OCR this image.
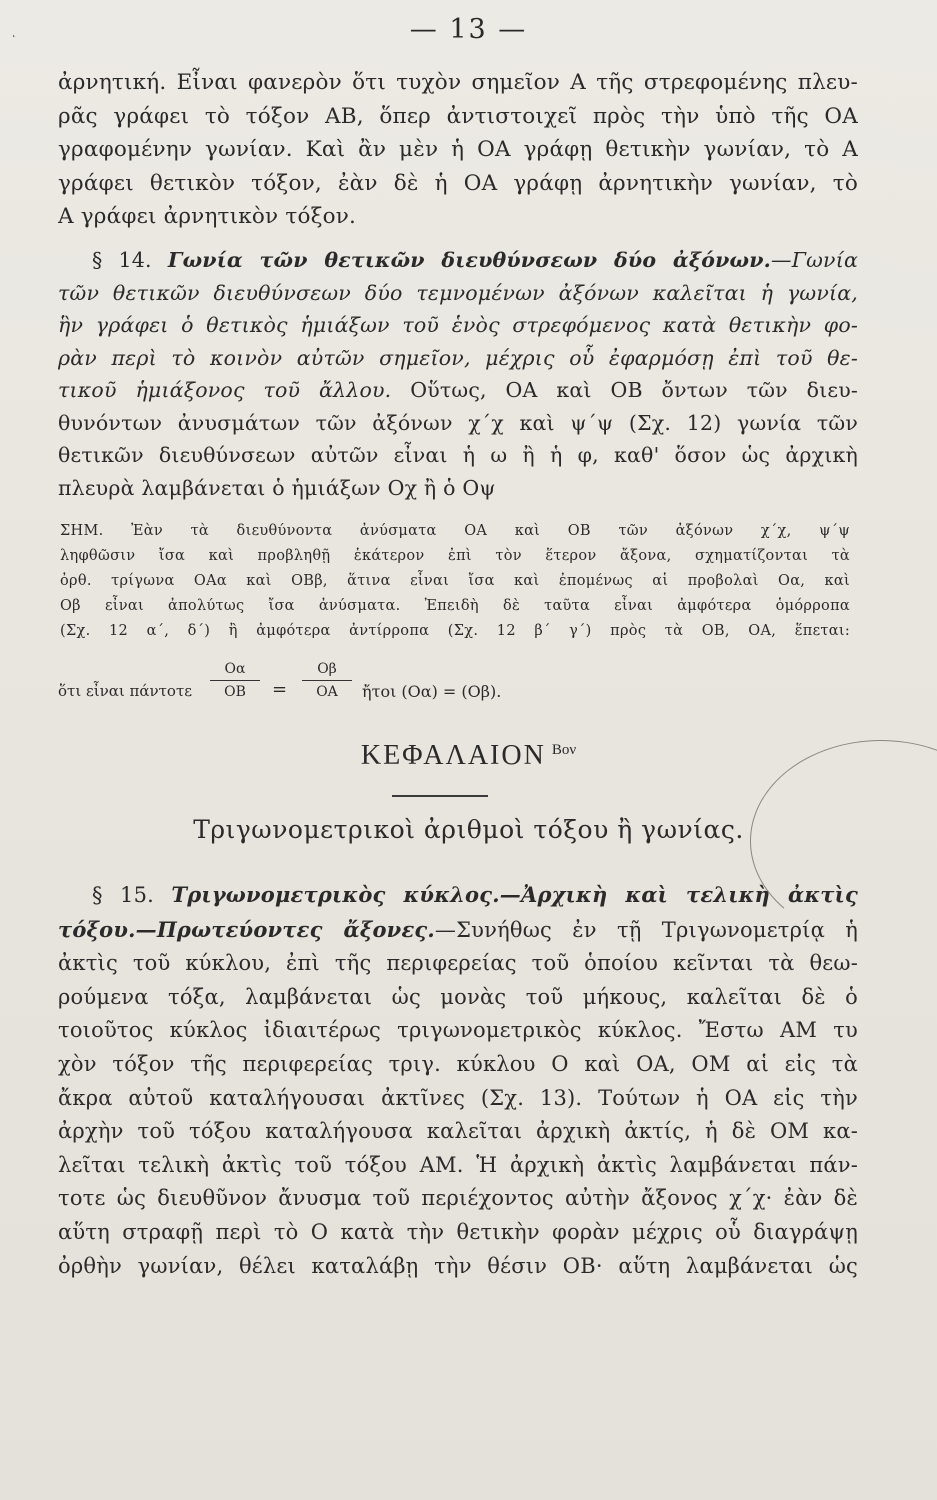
— 13 —
ἀρνητική. Εἶναι φανερὸν ὅτι τυχὸν σημεῖον Α τῆς στρεφομένης πλευ-
ρᾶς γράφει τὸ τόξον ΑΒ, ὅπερ ἀντιστοιχεῖ πρὸς τὴν ὑπὸ τῆς ΟΑ
γραφομένην γωνίαν. Καὶ ἂν μὲν ἡ ΟΑ γράφῃ θετικὴν γωνίαν, τὸ Α
γράφει θετικὸν τόξον, ἐὰν δὲ ἡ ΟΑ γράφῃ ἀρνητικὴν γωνίαν, τὸ
Α γράφει ἀρνητικὸν τόξον.
§ 14. Γωνία τῶν θετικῶν διευθύνσεων δύο ἀξόνων.—Γωνία
τῶν θετικῶν διευθύνσεων δύο τεμνομένων ἀξόνων καλεῖται ἡ γωνία,
ἣν γράφει ὁ θετικὸς ἡμιάξων τοῦ ἑνὸς στρεφόμενος κατὰ θετικὴν φο-
ρὰν περὶ τὸ κοινὸν αὐτῶν σημεῖον, μέχρις οὗ ἐφαρμόσῃ ἐπὶ τοῦ θε-
τικοῦ ἡμιάξονος τοῦ ἄλλου. Οὕτως, ΟΑ καὶ ΟΒ ὄντων τῶν διευ-
θυνόντων ἀνυσμάτων τῶν ἀξόνων χ΄χ καὶ ψ΄ψ (Σχ. 12) γωνία τῶν
θετικῶν διευθύνσεων αὐτῶν εἶναι ἡ ω ἢ ἡ φ, καθ' ὅσον ὡς ἀρχικὴ
πλευρὰ λαμβάνεται ὁ ἡμιάξων Οχ ἢ ὁ Οψ
ΣΗΜ. Ἐὰν τὰ διευθύνοντα ἀνύσματα ΟΑ καὶ ΟΒ τῶν ἀξόνων χ΄χ, ψ΄ψ
ληφθῶσιν ἴσα καὶ προβληθῇ ἑκάτερον ἐπὶ τὸν ἕτερον ἄξονα, σχηματίζονται τὰ
ὀρθ. τρίγωνα ΟΑα καὶ ΟΒβ, ἅτινα εἶναι ἴσα καὶ ἐπομένως αἱ προβολαὶ Οα, καὶ
Οβ εἶναι ἀπολύτως ἴσα ἀνύσματα. Ἐπειδὴ δὲ ταῦτα εἶναι ἀμφότερα ὁμόρροπα
(Σχ. 12 α΄, δ΄) ἢ ἀμφότερα ἀντίρροπα (Σχ. 12 β΄ γ΄) πρὸς τὰ ΟΒ, ΟΑ, ἕπεται:
ὅτι εἶναι πάντοτε
Οα
ΟΒ	=
Οβ
ΟΑ	ἤτοι (Οα) = (Οβ).
ΚΕΦΑΛΑΙΟΝ $^{Bo\nu}$
Τριγωνομετρικοὶ ἀριθμοὶ τόξου ἢ γωνίας.
§ 15. Τριγωνομετρικὸς κύκλος.—Ἀρχικὴ καὶ τελικὴ ἀκτὶς
τόξου.—Πρωτεύοντες ἄξονες.—Συνήθως ἐν τῇ Τριγωνομετρίᾳ ἡ
ἀκτὶς τοῦ κύκλου, ἐπὶ τῆς περιφερείας τοῦ ὁποίου κεῖνται τὰ θεω-
ρούμενα τόξα, λαμβάνεται ὡς μονὰς τοῦ μήκους, καλεῖται δὲ ὁ
τοιοῦτος κύκλος ἰδιαιτέρως τριγωνομετρικὸς κύκλος. Ἔστω ΑΜ τυ
χὸν τόξον τῆς περιφερείας τριγ. κύκλου Ο καὶ ΟΑ, ΟΜ αἱ εἰς τὰ
ἄκρα αὐτοῦ καταλήγουσαι ἀκτῖνες (Σχ. 13). Τούτων ἡ ΟΑ εἰς τὴν
ἀρχὴν τοῦ τόξου καταλήγουσα καλεῖται ἀρχικὴ ἀκτίς, ἡ δὲ ΟΜ κα-
λεῖται τελικὴ ἀκτὶς τοῦ τόξου ΑΜ. Ἡ ἀρχικὴ ἀκτὶς λαμβάνεται πάν-
τοτε ὡς διευθῦνον ἄνυσμα τοῦ περιέχοντος αὐτὴν ἄξονος χ΄χ· ἐὰν δὲ
αὕτη στραφῇ περὶ τὸ Ο κατὰ τὴν θετικὴν φορὰν μέχρις οὗ διαγράψῃ
ὀρθὴν γωνίαν, θέλει καταλάβῃ τὴν θέσιν ΟΒ· αὕτη λαμβάνεται ὡς
